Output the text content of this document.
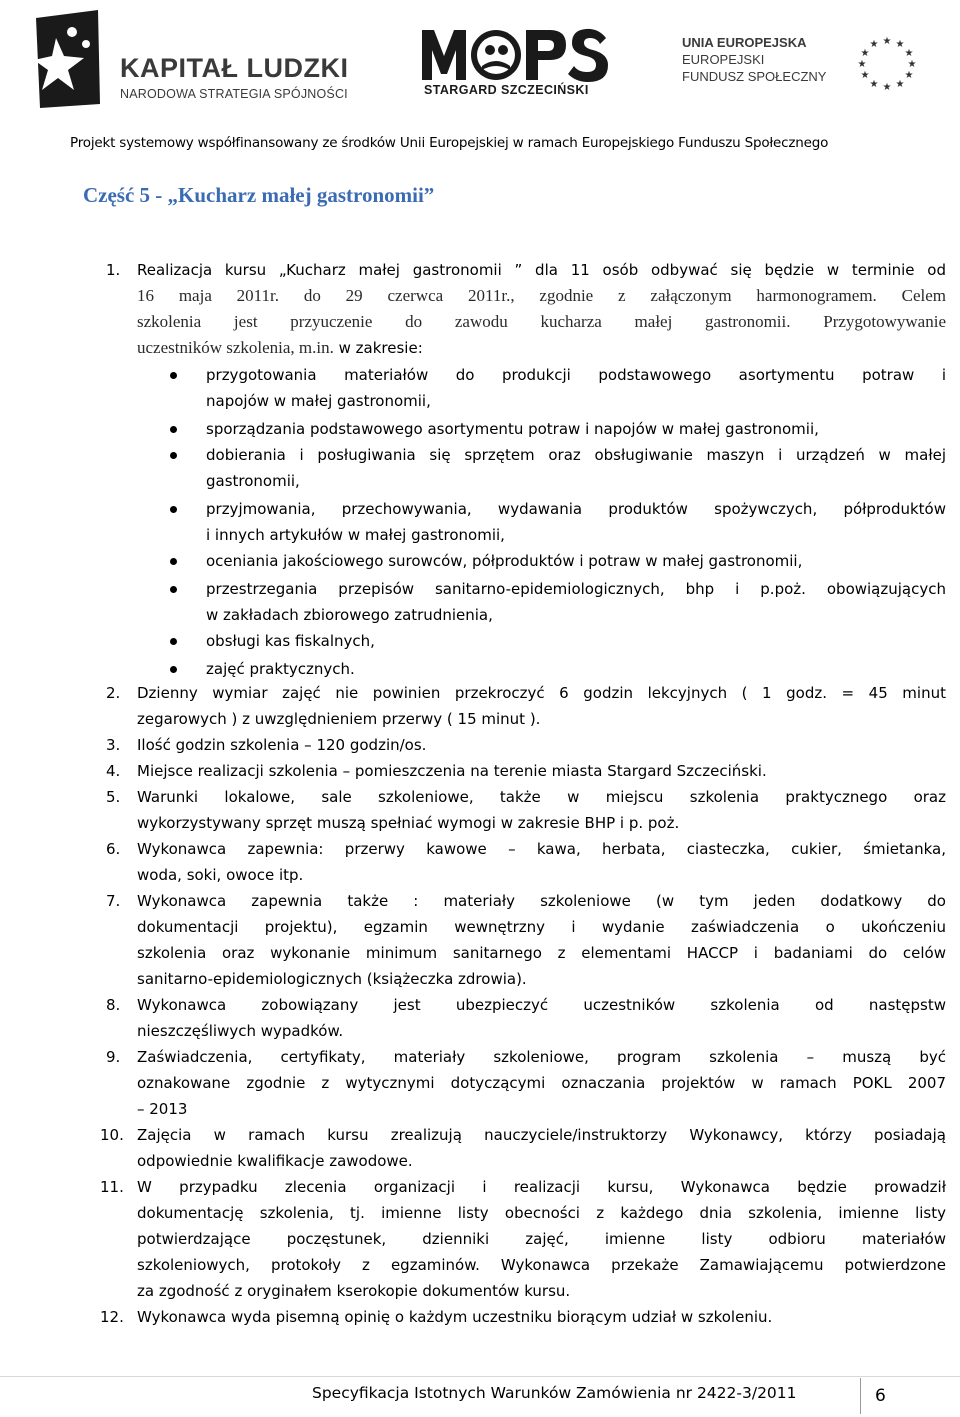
KAPITAŁ LUDZKI
NARODOWA STRATEGIA SPÓJNOŚCI	STARGARD SZCZECIŃSKI
UNIA EUROPEJSKA
EUROPEJSKI
FUNDUSZ SPOŁECZNY
★ ★
★
★
★
★
★
★
★
★
★
★
Projekt systemowy współfinansowany ze środków Unii Europejskiej w ramach Europejskiego Funduszu Społecznego
Część 5 - „Kucharz małej gastronomii”
1.	Realizacja kursu „Kucharz małej gastronomii ” dla 11 osób odbywać się będzie w terminie od
16 maja 2011r. do 29 czerwca 2011r., zgodnie z załączonym harmonogramem. Celem
szkolenia jest przyuczenie do zawodu kucharza małej gastronomii. Przygotowywanie
uczestników szkolenia, m.in. w zakresie:
przygotowania materiałów do produkcji podstawowego asortymentu potraw i
napojów w małej gastronomii,
sporządzania podstawowego asortymentu potraw i napojów w małej gastronomii,
dobierania i posługiwania się sprzętem oraz obsługiwanie maszyn i urządzeń w małej
gastronomii,
przyjmowania, przechowywania, wydawania produktów spożywczych, półproduktów
i innych artykułów w małej gastronomii,
oceniania jakościowego surowców, półproduktów i potraw w małej gastronomii,
przestrzegania przepisów sanitarno-epidemiologicznych, bhp i p.poż. obowiązujących
w zakładach zbiorowego zatrudnienia,
obsługi kas fiskalnych,
zajęć praktycznych.
2.	Dzienny wymiar zajęć nie powinien przekroczyć 6 godzin lekcyjnych ( 1 godz. = 45 minut
zegarowych ) z uwzględnieniem przerwy ( 15 minut ).
3.	Ilość godzin szkolenia – 120 godzin/os.
4.	Miejsce realizacji szkolenia – pomieszczenia na terenie miasta Stargard Szczeciński.
5.	Warunki lokalowe, sale szkoleniowe, także w miejscu szkolenia praktycznego oraz
wykorzystywany sprzęt muszą spełniać wymogi w zakresie BHP i p. poż.
6.	Wykonawca zapewnia: przerwy kawowe – kawa, herbata, ciasteczka, cukier, śmietanka,
woda, soki, owoce itp.
7.	Wykonawca zapewnia także : materiały szkoleniowe (w tym jeden dodatkowy do
dokumentacji projektu), egzamin wewnętrzny i wydanie zaświadczenia o ukończeniu
szkolenia oraz wykonanie minimum sanitarnego z elementami HACCP i badaniami do celów
sanitarno-epidemiologicznych (książeczka zdrowia).
8.	Wykonawca zobowiązany jest ubezpieczyć uczestników szkolenia od następstw
nieszczęśliwych wypadków.
9.	Zaświadczenia, certyfikaty, materiały szkoleniowe, program szkolenia – muszą być
oznakowane zgodnie z wytycznymi dotyczącymi oznaczania projektów w ramach POKL 2007
– 2013
10. Zajęcia w ramach kursu zrealizują nauczyciele/instruktorzy Wykonawcy, którzy posiadają
odpowiednie kwalifikacje zawodowe.
11. W przypadku zlecenia organizacji i realizacji kursu, Wykonawca będzie prowadził
dokumentację szkolenia, tj. imienne listy obecności z każdego dnia szkolenia, imienne listy
potwierdzające poczęstunek, dzienniki zajęć, imienne listy odbioru materiałów
szkoleniowych, protokoły z egzaminów. Wykonawca przekaże Zamawiającemu potwierdzone
za zgodność z oryginałem kserokopie dokumentów kursu.
12. Wykonawca wyda pisemną opinię o każdym uczestniku biorącym udział w szkoleniu.
Specyfikacja Istotnych Warunków Zamówienia nr 2422-3/2011	6
